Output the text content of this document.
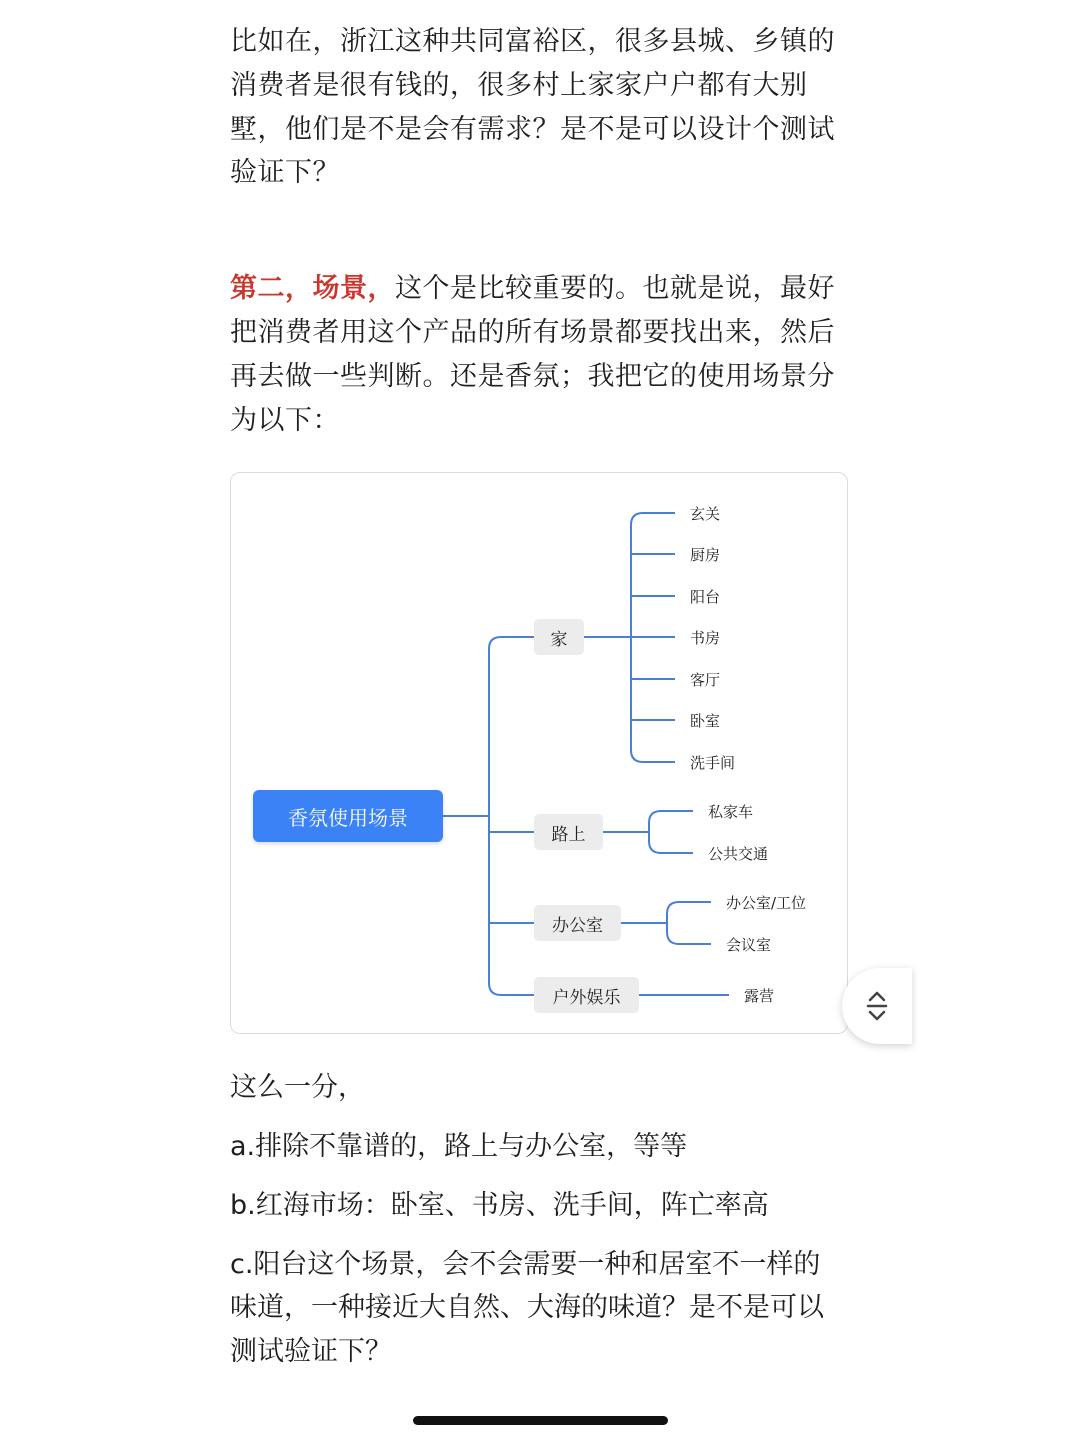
比如在，浙江这种共同富裕区，很多县城、乡镇的

消费者是很有钱的，很多村上家家户户都有大别

墅，他们是不是会有需求？是不是可以设计个测试

验证下？

第二，场景，这个是比较重要的。也就是说，最好

把消费者用这个产品的所有场景都要找出来，然后

再去做一些判断。还是香氛；我把它的使用场景分

为以下：

这么一分，

a.排除不靠谱的，路上与办公室，等等

b.红海市场：卧室、书房、洗手间，阵亡率高

c.阳台这个场景，会不会需要一种和居室不一样的

味道，一种接近大自然、大海的味道？是不是可以

测试验证下？

香氛使用场景
家
路上
办公室
户外娱乐
玄关
厨房
阳台
书房
客厅
卧室
洗手间
私家车
公共交通
办公室/工位
会议室
露营
